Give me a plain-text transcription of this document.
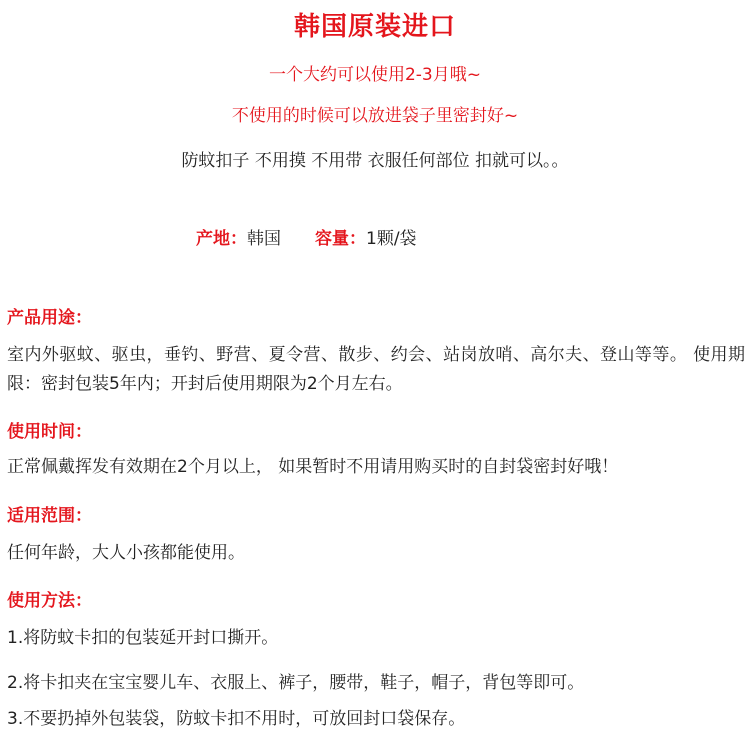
韩国原装进口
一个大约可以使用2-3月哦~
不使用的时候可以放进袋子里密封好~
防蚊扣子 不用摸 不用带 衣服任何部位 扣就可以。。
产地：韩国 容量：1颗/袋
产品用途：
室内外驱蚊、驱虫，垂钓、野营、夏令营、散步、约会、站岗放哨、高尔夫、登山等等。 使用期限：密封包装5年内；开封后使用期限为2个月左右。
使用时间：
正常佩戴挥发有效期在2个月以上， 如果暂时不用请用购买时的自封袋密封好哦！
适用范围：
任何年龄，大人小孩都能使用。
使用方法：
1.将防蚊卡扣的包装延开封口撕开。
2.将卡扣夹在宝宝婴儿车、衣服上、裤子，腰带，鞋子，帽子，背包等即可。
3.不要扔掉外包装袋，防蚊卡扣不用时，可放回封口袋保存。
